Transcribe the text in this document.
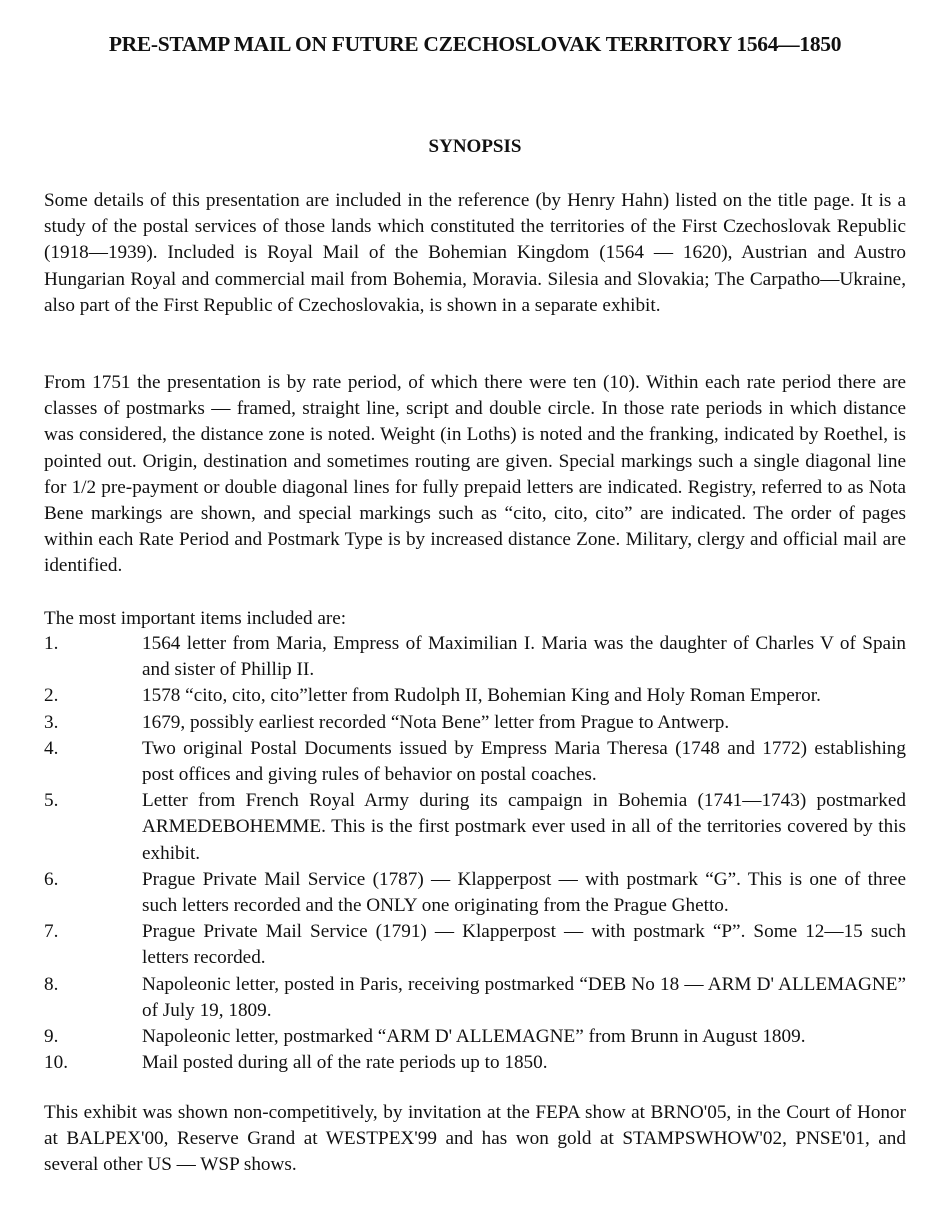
PRE-STAMP MAIL ON FUTURE CZECHOSLOVAK TERRITORY 1564—1850
SYNOPSIS

Some details of this presentation are included in the reference (by Henry Hahn) listed on the title page. It is a study of the postal services of those lands which constituted the territories of the First Czechoslovak Republic (1918—1939). Included is Royal Mail of the Bohemian Kingdom (1564 — 1620), Austrian and Austro Hungarian Royal and commercial mail from Bohemia, Moravia. Silesia and Slovakia; The Carpatho—Ukraine, also part of the First Republic of Czechoslovakia, is shown in a separate exhibit.

From 1751 the presentation is by rate period, of which there were ten (10). Within each rate period there are classes of postmarks — framed, straight line, script and double circle. In those rate periods in which distance was considered, the distance zone is noted. Weight (in Loths) is noted and the franking, indicated by Roethel, is pointed out. Origin, destination and sometimes routing are given. Special markings such a single diagonal line for 1/2 pre-payment or double diagonal lines for fully prepaid letters are indicated. Registry, referred to as Nota Bene markings are shown, and special markings such as “cito, cito, cito” are indicated. The order of pages within each Rate Period and Postmark Type is by increased distance Zone. Military, clergy and official mail are identified.

The most important items included are:
1.	1564 letter from Maria, Empress of Maximilian I. Maria was the daughter of Charles V of Spain and sister of Phillip II.
2.	1578 “cito, cito, cito”letter from Rudolph II, Bohemian King and Holy Roman Emperor.
3.	1679, possibly earliest recorded “Nota Bene” letter from Prague to Antwerp.
4.	Two original Postal Documents issued by Empress Maria Theresa (1748 and 1772) establishing post offices and giving rules of behavior on postal coaches.
5.	Letter from French Royal Army during its campaign in Bohemia (1741—1743) postmarked ARMEDEBOHEMME. This is the first postmark ever used in all of the territories covered by this exhibit.
6.	Prague Private Mail Service (1787) — Klapperpost — with postmark “G”. This is one of three such letters recorded and the ONLY one originating from the Prague Ghetto.
7.	Prague Private Mail Service (1791) — Klapperpost — with postmark “P”. Some 12—15 such letters recorded.
8.	Napoleonic letter, posted in Paris, receiving postmarked “DEB No 18 — ARM D' ALLEMAGNE” of July 19, 1809.
9.	Napoleonic letter, postmarked “ARM D' ALLEMAGNE” from Brunn in August 1809.
10.	Mail posted during all of the rate periods up to 1850.

This exhibit was shown non-competitively, by invitation at the FEPA show at BRNO'05, in the Court of Honor at BALPEX'00, Reserve Grand at WESTPEX'99 and has won gold at STAMPSWHOW'02, PNSE'01, and several other US — WSP shows.
